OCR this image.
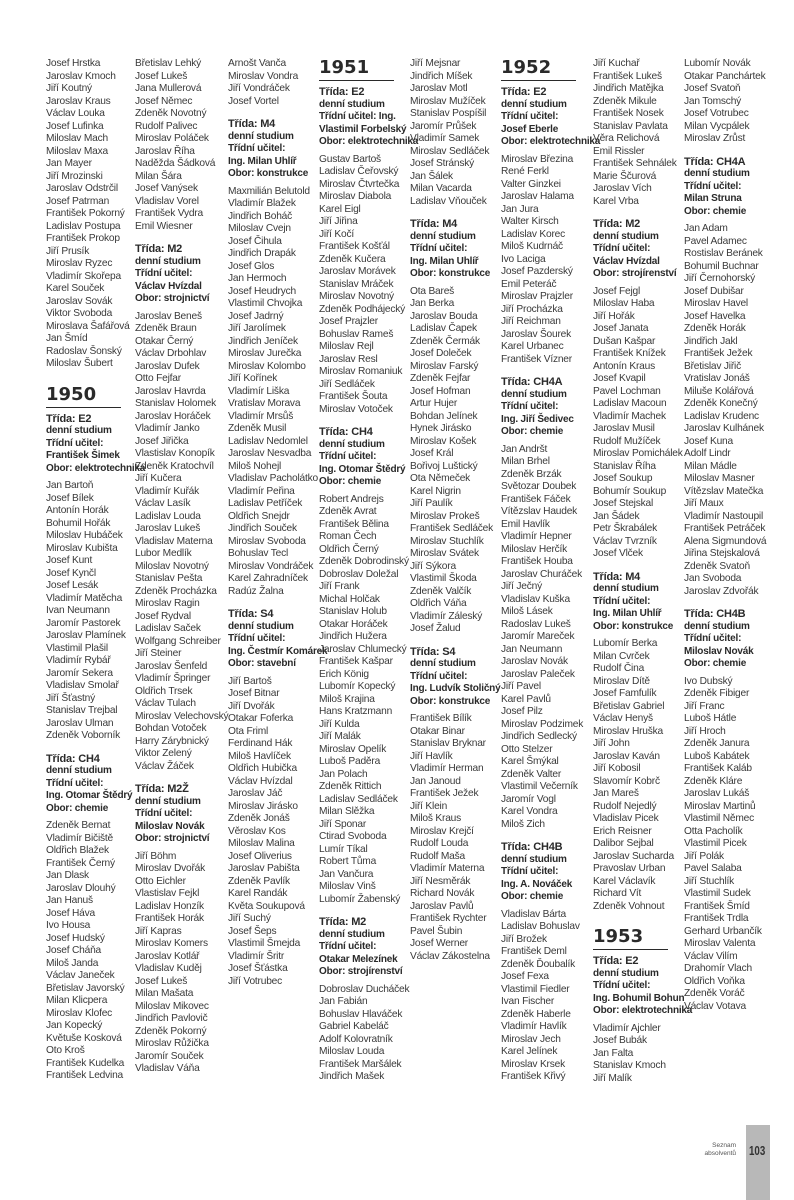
Josef Hrstka
Jaroslav Kmoch
Jiří Koutný
Jaroslav Kraus
Václav Louka
Josef Lufinka
Miloslav Mach
Miloslav Maxa
Jan Mayer
Jiří Mrozinski
Jaroslav Odstrčil
Josef Patrman
František Pokorný
Ladislav Postupa
František Prokop
Jiří Prusík
Miroslav Ryzec
Vladimír Skořepa
Karel Souček
Jaroslav Sovák
Viktor Svoboda
Miroslava Šafářová
Jan Šmíd
Radoslav Šonský
Miloslav Šubert
1950
Třída: E2
denní studium
Třídní učitel:
František Šimek
Obor: elektrotechnika
Jan Bartoň
Josef Bílek
Antonín Horák
Bohumil Hořák
Miloslav Hubáček
Miroslav Kubišta
Josef Kunt
Josef Kynčl
Josef Lesák
Vladimír Matěcha
Ivan Neumann
Jaromír Pastorek
Jaroslav Plamínek
Vlastimil Plašil
Vladimír Rybář
Jaromír Sekera
Vladislav Smolař
Jiří Šťastný
Stanislav Trejbal
Jaroslav Ulman
Zdeněk Voborník
Třída: CH4
denní studium
Třídní učitel:
Ing. Otomar Štědrý
Obor: chemie
Zdeněk Bernat
Vladimír Bičiště
Oldřich Blažek
František Černý
Jan Dlask
Jaroslav Dlouhý
Jan Hanuš
Josef Háva
Ivo Housa
Josef Hudský
Josef Cháňa
Miloš Janda
Václav Janeček
Břetislav Javorský
Milan Klicpera
Miroslav Klofec
Jan Kopecký
Květuše Kosková
Oto Kroš
František Kudelka
František Ledvina
Břetislav Lehký
Josef Lukeš
Jana Mullerová
Josef Němec
Zdeněk Novotný
Rudolf Palivec
Miroslav Poláček
Jaroslav Říha
Naděžda Šádková
Milan Šára
Josef Vanýsek
Vladislav Vorel
František Vydra
Emil Wiesner
Třída: M2
denní studium
Třídní učitel:
Václav Hvízdal
Obor: strojnictví
Jaroslav Beneš
Zdeněk Braun
Otakar Černý
Václav Drbohlav
Jaroslav Dufek
Otto Fejfar
Jaroslav Havrda
Stanislav Holomek
Jaroslav Horáček
Vladimír Janko
Josef Jiřička
Vlastislav Konopík
Zdeněk Kratochvíl
Jiří Kučera
Vladimír Kuřák
Václav Lasík
Ladislav Louda
Jaroslav Lukeš
Vladislav Materna
Lubor Medlík
Miloslav Novotný
Stanislav Pešta
Zdeněk Procházka
Miroslav Ragin
Josef Rydval
Ladislav Saček
Wolfgang Schreiber
Jiří Steiner
Jaroslav Šenfeld
Vladimír Špringer
Oldřich Trsek
Václav Tulach
Miroslav Velechovský
Bohdan Votoček
Harry Zárybnický
Viktor Zelený
Václav Žáček
Třída: M2Ž
denní studium
Třídní učitel:
Miloslav Novák
Obor: strojnictví
Jiří Böhm
Miroslav Dvořák
Otto Eichler
Vlastislav Fejkl
Ladislav Honzík
František Horák
Jiří Kapras
Miroslav Komers
Jaroslav Kotlář
Vladislav Kuděj
Josef Lukeš
Milan Mašata
Miloslav Mikovec
Jindřich Pavlovič
Zdeněk Pokorný
Miroslav Růžička
Jaromír Souček
Vladislav Váňa
Arnošt Vanča
Miroslav Vondra
Jiří Vondráček
Josef Vortel
Třída: M4
denní studium
Třídní učitel:
Ing. Milan Uhlíř
Obor: konstrukce
Maxmilián Belutold
Vladimír Blažek
Jindřich Boháč
Miloslav Cvejn
Josef Čihula
Jindřich Drapák
Josef Glos
Jan Hermoch
Josef Heudrych
Vlastimil Chvojka
Josef Jadrný
Jiří Jarolímek
Jindřich Jeníček
Miroslav Jurečka
Miroslav Kolombo
Jiří Kořínek
Vladimír Liška
Vratislav Morava
Vladimír Mrsůš
Zdeněk Musil
Ladislav Nedomlel
Jaroslav Nesvadba
Miloš Nohejl
Vladislav Pacholátko
Vladimír Peřina
Ladislav Petříček
Oldřich Snejdr
Jindřich Souček
Miroslav Svoboda
Bohuslav Tecl
Miroslav Vondráček
Karel Zahradníček
Radúz Žalna
Třída: S4
denní studium
Třídní učitel:
Ing. Čestmír Komárek
Obor: stavební
Jiří Bartoš
Josef Bitnar
Jiří Dvořák
Otakar Foferka
Ota Friml
Ferdinand Hák
Miloš Havlíček
Oldřich Hubička
Václav Hvízdal
Jaroslav Jáč
Miroslav Jirásko
Zdeněk Jonáš
Věroslav Kos
Miloslav Malina
Josef Oliverius
Jaroslav Pabišta
Zdeněk Pavlík
Karel Randák
Květa Soukupová
Jiří Suchý
Josef Šeps
Vlastimil Šmejda
Vladimír Šritr
Josef Šťástka
Jiří Votrubec
1951
Třída: E2
denní studium
Třídní učitel: Ing.
Vlastimil Forbelský
Obor: elektrotechnika
Gustav Bartoš
Ladislav Čeřovský
Miroslav Čtvrtečka
Miroslav Diabola
Karel Eigl
Jiří Jiřina
Jiří Kočí
František Košťál
Zdeněk Kučera
Jaroslav Morávek
Stanislav Mráček
Miroslav Novotný
Zdeněk Podhájecký
Josef Prajzler
Bohuslav Rameš
Miloslav Rejl
Jaroslav Resl
Miroslav Romaniuk
Jiří Sedláček
František Šouta
Miroslav Votoček
Třída: CH4
denní studium
Třídní učitel:
Ing. Otomar Štědrý
Obor: chemie
Robert Andrejs
Zdeněk Avrat
František Bělina
Roman Čech
Oldřich Černý
Zdeněk Dobrodinský
Dobroslav Doležal
Jiří Frank
Michal Holčak
Stanislav Holub
Otakar Horáček
Jindřich Hužera
Jaroslav Chlumecký
František Kašpar
Erich König
Lubomír Kopecký
Miloš Krajina
Hans Kratzmann
Jiří Kulda
Jiří Malák
Miroslav Opelík
Luboš Paděra
Jan Polach
Zdeněk Rittich
Ladislav Sedláček
Milan Slěžka
Jiří Sponar
Ctirad Svoboda
Lumír Tíkal
Robert Tůma
Jan Vančura
Miloslav Vinš
Lubomír Žabenský
Třída: M2
denní studium
Třídní učitel:
Otakar Melezínek
Obor: strojírenství
Dobroslav Ducháček
Jan Fabián
Bohuslav Hlaváček
Gabriel Kabeláč
Adolf Kolovratník
Miloslav Louda
František Maršálek
Jindřich Mašek
Jiří Mejsnar
Jindřich Míšek
Jaroslav Motl
Miroslav Mužíček
Stanislav Pospíšil
Jaromír Průšek
Vladimír Samek
Miroslav Sedláček
Josef Stránský
Jan Šálek
Milan Vacarda
Ladislav Vňouček
Třída: M4
denní studium
Třídní učitel:
Ing. Milan Uhlíř
Obor: konstrukce
Ota Bareš
Jan Berka
Jaroslav Bouda
Ladislav Čapek
Zdeněk Čermák
Josef Doleček
Miroslav Farský
Zdeněk Fejfar
Josef Hofman
Artur Hujer
Bohdan Jelínek
Hynek Jirásko
Miroslav Košek
Josef Král
Bořivoj Luštický
Ota Němeček
Karel Nigrin
Jiří Paulík
Miroslav Prokeš
František Sedláček
Miroslav Stuchlík
Miroslav Svátek
Jiří Sýkora
Vlastimil Škoda
Zdeněk Valčík
Oldřich Váňa
Vladimír Záleský
Josef Žalud
Třída: S4
denní studium
Třídní učitel:
Ing. Ludvík Stoličný
Obor: konstrukce
František Bílík
Otakar Binar
Stanislav Bryknar
Jiří Havlík
Vladimír Herman
Jan Janoud
František Ježek
Jiří Klein
Miloš Kraus
Miroslav Krejčí
Rudolf Louda
Rudolf Maša
Vladimír Materna
Jiří Nesměrák
Richard Novák
Jaroslav Pavlů
František Rychter
Pavel Šubin
Josef Werner
Václav Zákostelna
1952
Třída: E2
denní studium
Třídní učitel:
Josef Eberle
Obor: elektrotechnika
Miroslav Březina
René Ferkl
Valter Ginzkei
Jaroslav Halama
Jan Jura
Walter Kirsch
Ladislav Korec
Miloš Kudrnáč
Ivo Laciga
Josef Pazderský
Emil Peteráč
Miroslav Prajzler
Jiří Procházka
Jiří Reichman
Jaroslav Šourek
Karel Urbanec
František Vízner
Třída: CH4A
denní studium
Třídní učitel:
Ing. Jiří Šedivec
Obor: chemie
Jan Andršt
Milan Brhel
Zdeněk Brzák
Světozar Doubek
František Fáček
Vítězslav Haudek
Emil Havlík
Vladimír Hepner
Miloslav Herčík
František Houba
Jaroslav Churáček
Jiří Ječný
Vladislav Kuška
Miloš Lásek
Radoslav Lukeš
Jaromír Mareček
Jan Neumann
Jaroslav Novák
Jaroslav Paleček
Jiří Pavel
Karel Pavlů
Josef Pilz
Miroslav Podzimek
Jindřich Sedlecký
Otto Stelzer
Karel Šmýkal
Zdeněk Valter
Vlastimil Večerník
Jaromír Vogl
Karel Vondra
Miloš Zich
Třída: CH4B
denní studium
Třídní učitel:
Ing. A. Nováček
Obor: chemie
Vladislav Bárta
Ladislav Bohuslav
Jiří Brožek
František Deml
Zdeněk Ďoubalík
Josef Fexa
Vlastimil Fiedler
Ivan Fischer
Zdeněk Haberle
Vladimír Havlík
Miroslav Jech
Karel Jelínek
Miroslav Krsek
František Křivý
Jiří Kuchař
František Lukeš
Jindřich Matějka
Zdeněk Mikule
František Nosek
Stanislav Pavlata
Věra Relichová
Emil Rissler
František Sehnálek
Marie Ščurová
Jaroslav Vích
Karel Vrba
Třída: M2
denní studium
Třídní učitel:
Václav Hvízdal
Obor: strojírenství
Josef Fejgl
Miloslav Haba
Jiří Hořák
Josef Janata
Dušan Kašpar
František Knížek
Antonín Kraus
Josef Kvapil
Pavel Lochman
Ladislav Macoun
Vladimír Machek
Jaroslav Musil
Rudolf Mužíček
Miroslav Pomichálek
Stanislav Říha
Josef Soukup
Bohumír Soukup
Josef Stejskal
Jan Šádek
Petr Škrabálek
Václav Tvrzník
Josef Vlček
Třída: M4
denní studium
Třídní učitel:
Ing. Milan Uhlíř
Obor: konstrukce
Lubomír Berka
Milan Cvrček
Rudolf Čina
Miroslav Dítě
Josef Famfulík
Břetislav Gabriel
Václav Henyš
Miroslav Hruška
Jiří John
Jaroslav Kaván
Jiří Kobosil
Slavomír Kobrč
Jan Mareš
Rudolf Nejedlý
Vladislav Picek
Erich Reisner
Dalibor Sejbal
Jaroslav Sucharda
Pravoslav Urban
Karel Václavík
Richard Vít
Zdeněk Vohnout
1953
Třída: E2
denní studium
Třídní učitel:
Ing. Bohumil Bohun
Obor: elektrotechnika
Vladimír Ajchler
Josef Bubák
Jan Falta
Stanislav Kmoch
Jiří Malík
Lubomír Novák
Otakar Panchártek
Josef Svatoň
Jan Tomschý
Josef Votrubec
Milan Vycpálek
Miroslav Zrůst
Třída: CH4A
denní studium
Třídní učitel:
Milan Struna
Obor: chemie
Jan Adam
Pavel Adamec
Rostislav Beránek
Bohumil Buchnar
Jiří Černohorský
Josef Dubišar
Miroslav Havel
Josef Havelka
Zdeněk Horák
Jindřich Jakl
František Ježek
Břetislav Jiřič
Vratislav Jonáš
Miluše Kolářová
Zdeněk Konečný
Ladislav Krudenc
Jaroslav Kulhánek
Josef Kuna
Adolf Lindr
Milan Mádle
Miloslav Masner
Vítězslav Matečka
Jiří Maux
Vladimír Nastoupil
František Petráček
Alena Sigmundová
Jiřina Stejskalová
Zdeněk Svatoň
Jan Svoboda
Jaroslav Zdvořák
Třída: CH4B
denní studium
Třídní učitel:
Miloslav Novák
Obor: chemie
Ivo Dubský
Zdeněk Fibiger
Jiří Franc
Luboš Hátle
Jiří Hroch
Zdeněk Janura
Luboš Kabátek
František Kaláb
Zdeněk Kláre
Jaroslav Lukáš
Miroslav Martinů
Vlastimil Němec
Otta Pacholík
Vlastimil Picek
Jiří Polák
Pavel Salaba
Jiří Stuchlík
Vlastimil Sudek
František Šmíd
František Trdla
Gerhard Urbančík
Miroslav Valenta
Václav Vilím
Drahomír Vlach
Oldřich Voňka
Zdeněk Voráč
Václav Votava
Seznam
absolventů 103
